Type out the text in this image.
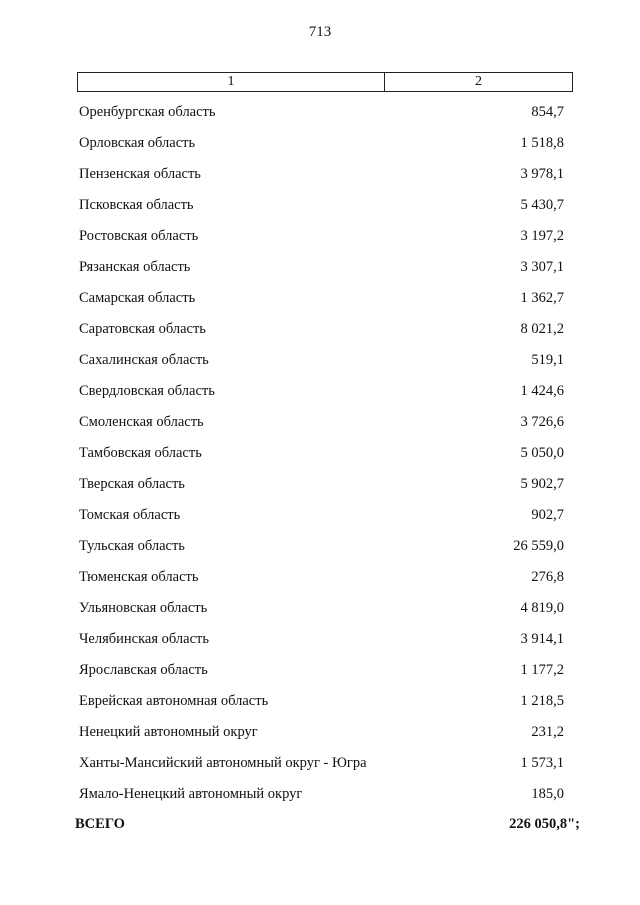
713
1	2
Оренбургская область	854,7
Орловская область	1 518,8
Пензенская область	3 978,1
Псковская область	5 430,7
Ростовская область	3 197,2
Рязанская область	3 307,1
Самарская область	1 362,7
Саратовская область	8 021,2
Сахалинская область	519,1
Свердловская область	1 424,6
Смоленская область	3 726,6
Тамбовская область	5 050,0
Тверская область	5 902,7
Томская область	902,7
Тульская область	26 559,0
Тюменская область	276,8
Ульяновская область	4 819,0
Челябинская область	3 914,1
Ярославская область	1 177,2
Еврейская автономная область	1 218,5
Ненецкий автономный округ	231,2
Ханты-Мансийский автономный округ - Югра	1 573,1
Ямало-Ненецкий автономный округ	185,0
ВСЕГО	226 050,8";
